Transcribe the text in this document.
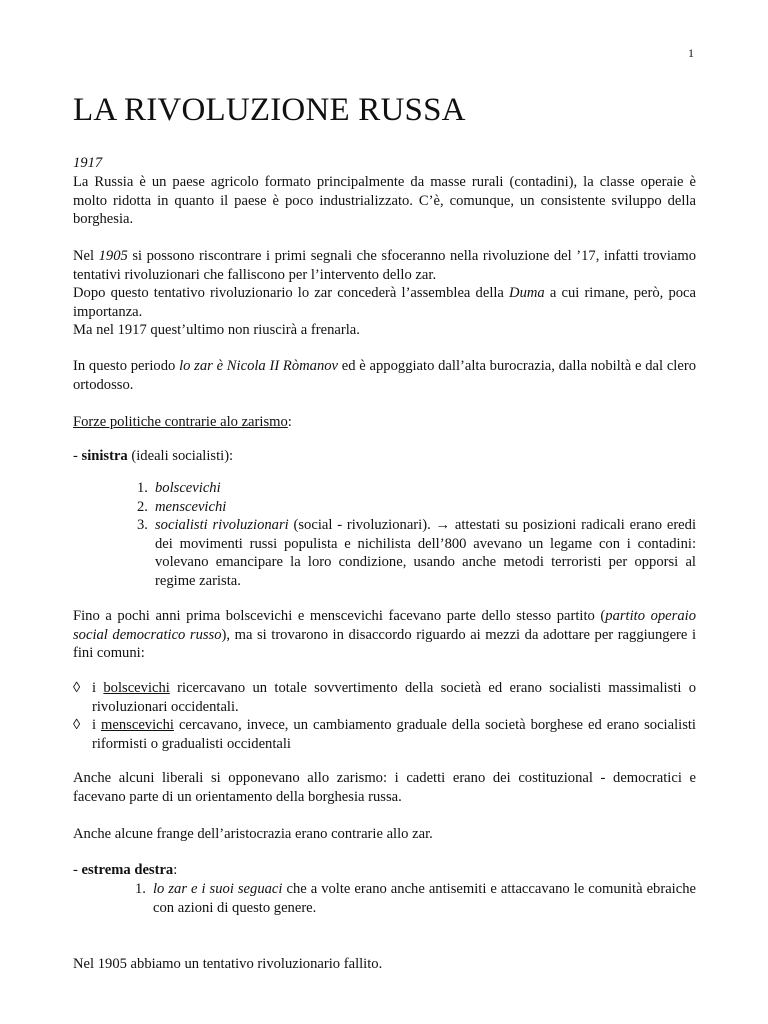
1
LA RIVOLUZIONE RUSSA
1917

La Russia è un paese agricolo formato principalmente da masse rurali (contadini), la classe operaie è molto ridotta in quanto il paese è poco industrializzato. C’è, comunque, un consistente sviluppo della borghesia.

Nel 1905 si possono riscontrare i primi segnali che sfoceranno nella rivoluzione del ’17, infatti troviamo tentativi rivoluzionari che falliscono per l’intervento dello zar.

Dopo questo tentativo rivoluzionario lo zar concederà l’assemblea della Duma a cui rimane, però, poca importanza.

Ma nel 1917 quest’ultimo non riuscirà a frenarla.

In questo periodo lo zar è Nicola II Ròmanov ed è appoggiato dall’alta burocrazia, dalla nobiltà e dal clero ortodosso.

Forze politiche contrarie alo zarismo:

- sinistra (ideali socialisti):

1. bolscevichi
2. menscevichi
3. socialisti rivoluzionari (social - rivoluzionari). → attestati su posizioni radicali erano eredi dei movimenti russi populista e nichilista dell’800 avevano un legame con i contadini: volevano emancipare la loro condizione, usando anche metodi terroristi per opporsi al regime zarista.

Fino a pochi anni prima bolscevichi e menscevichi facevano parte dello stesso partito (partito operaio social democratico russo), ma si trovarono in disaccordo riguardo ai mezzi da adottare per raggiungere i fini comuni:

◊ i bolscevichi ricercavano un totale sovvertimento della società ed erano socialisti massimalisti o rivoluzionari occidentali.
◊ i menscevichi cercavano, invece, un cambiamento graduale della società borghese ed erano socialisti riformisti o gradualisti occidentali

Anche alcuni liberali si opponevano allo zarismo: i cadetti erano dei costituzional - democratici e facevano parte di un orientamento della borghesia russa.

Anche alcune frange dell’aristocrazia erano contrarie allo zar.

- estrema destra:

1. lo zar e i suoi seguaci che a volte erano anche antisemiti e attaccavano le comunità ebraiche con azioni di questo genere.

Nel 1905 abbiamo un tentativo rivoluzionario fallito.
